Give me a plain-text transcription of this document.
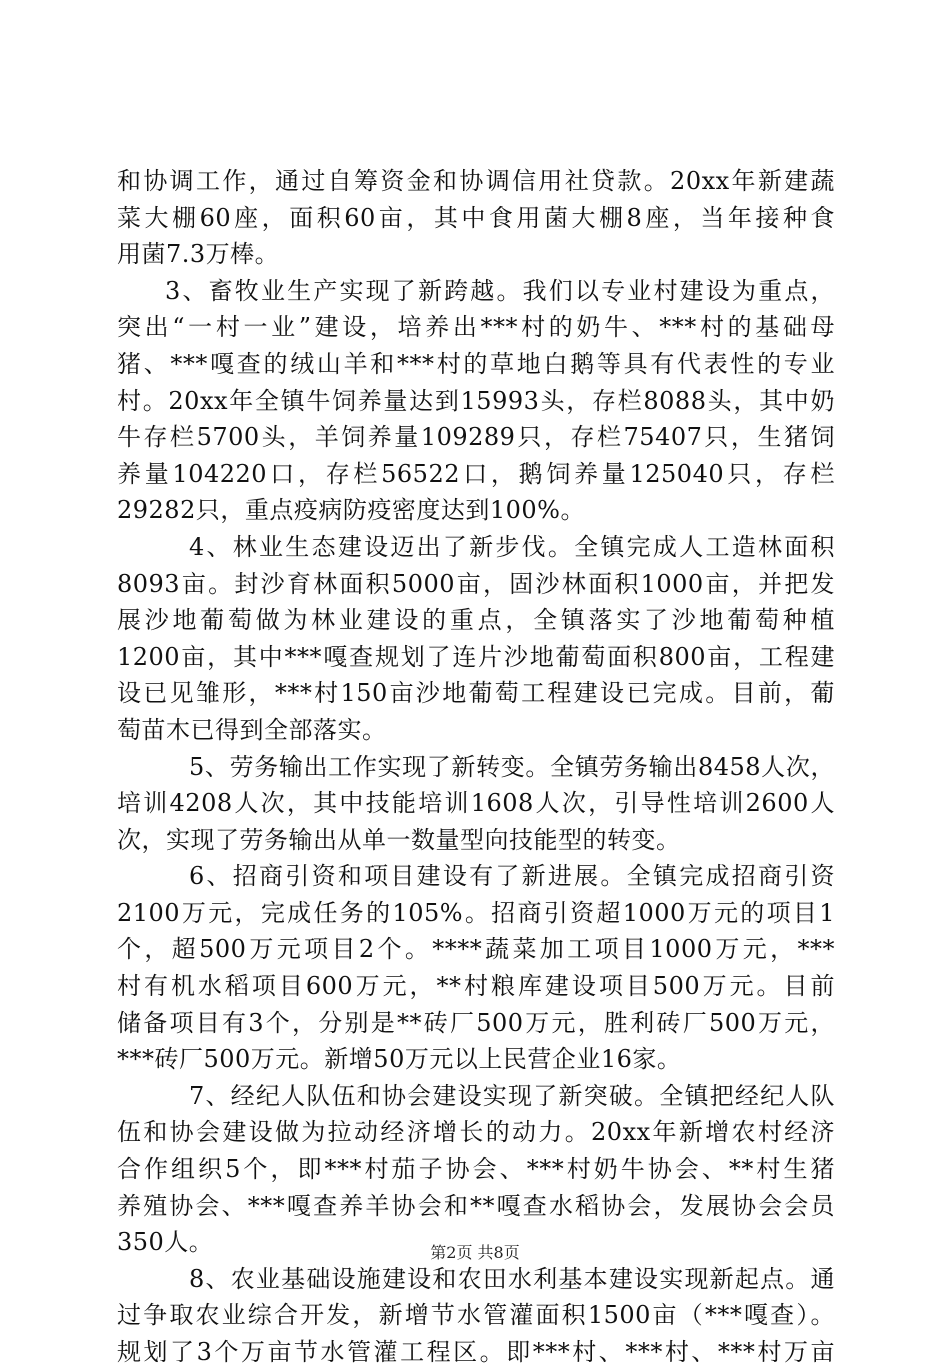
和协调工作，通过自筹资金和协调信用社贷款。20xx年新建蔬
菜大棚60座，面积60亩，其中食用菌大棚8座，当年接种食
用菌7.3万棒。
3、畜牧业生产实现了新跨越。我们以专业村建设为重点，
突出“一村一业”建设，培养出***村的奶牛、***村的基础母
猪、***嘎查的绒山羊和***村的草地白鹅等具有代表性的专业
村。20xx年全镇牛饲养量达到15993头，存栏8088头，其中奶
牛存栏5700头，羊饲养量109289只，存栏75407只，生猪饲
养量104220口，存栏56522口，鹅饲养量125040只，存栏
29282只，重点疫病防疫密度达到100%。
4、林业生态建设迈出了新步伐。全镇完成人工造林面积
8093亩。封沙育林面积5000亩，固沙林面积1000亩，并把发
展沙地葡萄做为林业建设的重点，全镇落实了沙地葡萄种植
1200亩，其中***嘎查规划了连片沙地葡萄面积800亩，工程建
设已见雏形，***村150亩沙地葡萄工程建设已完成。目前，葡
萄苗木已得到全部落实。
5、劳务输出工作实现了新转变。全镇劳务输出8458人次，
培训4208人次，其中技能培训1608人次，引导性培训2600人
次，实现了劳务输出从单一数量型向技能型的转变。
6、招商引资和项目建设有了新进展。全镇完成招商引资
2100万元，完成任务的105%。招商引资超1000万元的项目1
个，超500万元项目2个。****蔬菜加工项目1000万元，***
村有机水稻项目600万元，**村粮库建设项目500万元。目前
储备项目有3个，分别是**砖厂500万元，胜利砖厂500万元，
***砖厂500万元。新增50万元以上民营企业16家。
7、经纪人队伍和协会建设实现了新突破。全镇把经纪人队
伍和协会建设做为拉动经济增长的动力。20xx年新增农村经济
合作组织5个，即***村茄子协会、***村奶牛协会、**村生猪
养殖协会、***嘎查养羊协会和**嘎查水稻协会，发展协会会员
350人。
8、农业基础设施建设和农田水利基本建设实现新起点。通
过争取农业综合开发，新增节水管灌面积1500亩（***嘎查）。
规划了3个万亩节水管灌工程区。即***村、***村、***村万亩
第2页 共8页
